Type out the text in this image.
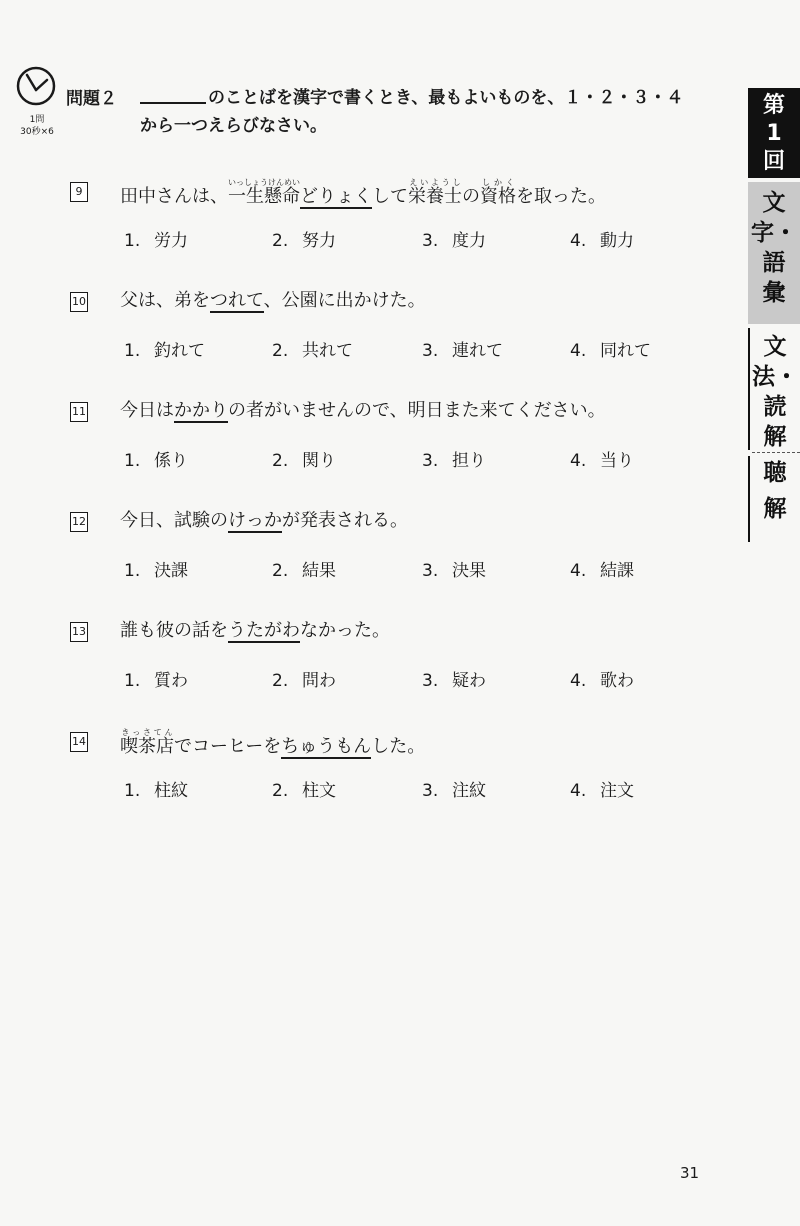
1問
30秒×6
問題２	のことばを漢字で書くとき、最もよいものを、１・２・３・４
から一つえらびなさい。
第
1
回
文
字・
語
彙
文
法・
読
解
聴
解
9	田中さんは、一生懸命いっしょうけんめいどりょくして栄養士えいようしの資格しかくを取った。
1. 労力	2. 努力	3. 度力	4. 動力
10 父は、弟をつれて、公園に出かけた。
1. 釣れて	2. 共れて	3. 連れて	4. 同れて
11 今日はかかりの者がいませんので、明日また来てください。
1. 係り	2. 関り	3. 担り	4. 当り
12 今日、試験のけっかが発表される。
1. 決課	2. 結果	3. 決果	4. 結課
13 誰も彼の話をうたがわなかった。
1. 質わ	2. 問わ	3. 疑わ	4. 歌わ
14 喫茶店きっさてんでコーヒーをちゅうもんした。
1. 柱紋	2. 柱文	3. 注紋	4. 注文
31
